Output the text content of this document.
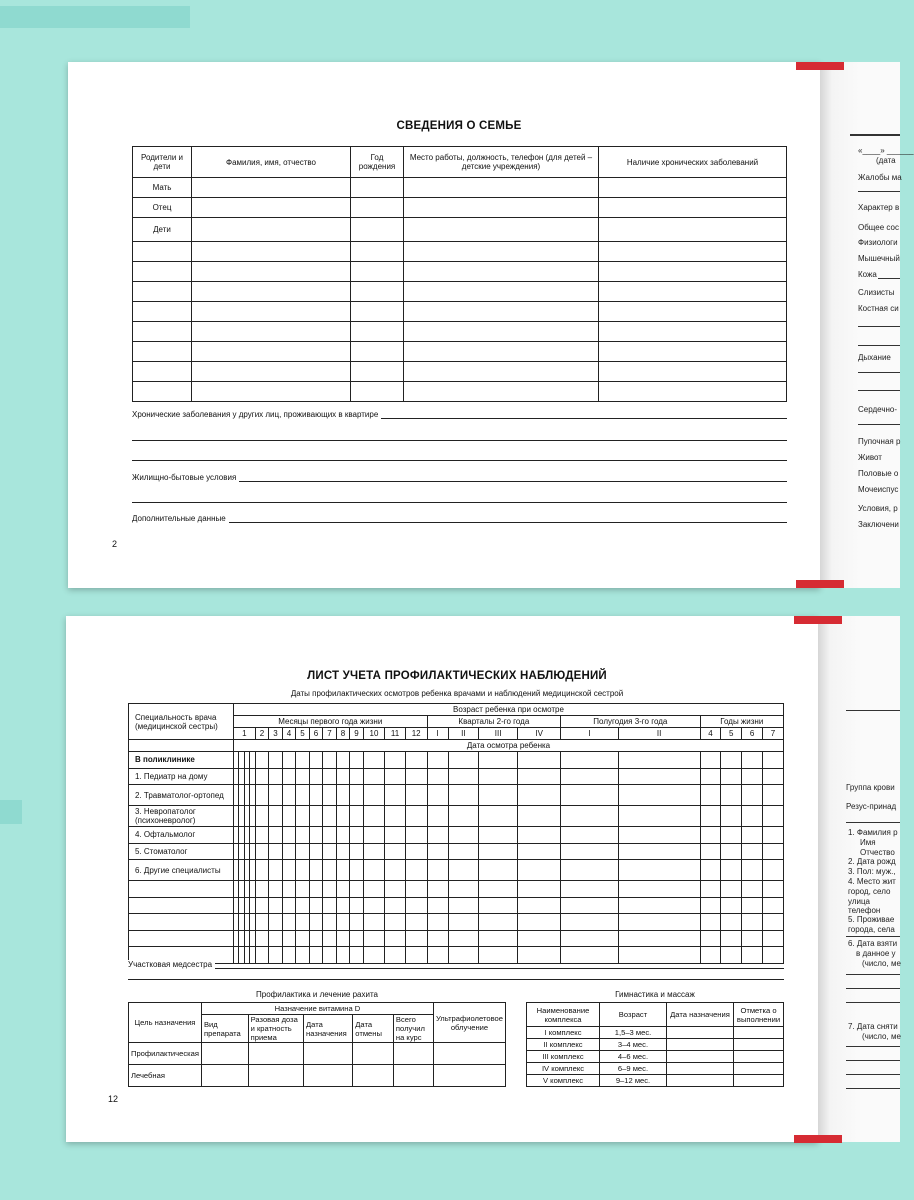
СВЕДЕНИЯ О СЕМЬЕ
Родители и дети	Фамилия, имя, отчество	Год рождения	Место работы, должность, телефон (для детей – детские учреждения)	Наличие хронических заболеваний
Мать				
Отец				
Дети				

Хронические заболевания у других лиц, проживающих в квартире
Жилищно-бытовые условия
Дополнительные данные
2
«____» ______
(дата
Жалобы ма
Характер в
Общее сос
Физиологи
Мышечный
Кожа
Слизисты
Костная си
Дыхание
Сердечно-
Пупочная р
Живот
Половые о
Мочеиспус
Условия, р
Заключени
ЛИСТ УЧЕТА ПРОФИЛАКТИЧЕСКИХ НАБЛЮДЕНИЙ
Даты профилактических осмотров ребенка врачами и наблюдений медицинской сестрой
Специальность врача (медицинской сестры)	Возраст ребенка при осмотре																								
	Месяцы первого года жизни															Кварталы 2-го года				Полугодия 3-го года		Годы жизни			
	1				2	3	4	5	6	7	8	9	10	11	12	I	II	III	IV	I	II	4	5	6	7
	Дата осмотра ребенка																								
В поликлинике																									
1. Педиатр на дому																									
2. Травматолог-ортопед																									
3. Невропатолог (психоневролог)																									
4. Офтальмолог																									
5. Стоматолог																									
6. Другие специалисты																									

Участковая медсестра
Профилактика и лечение рахита
Цель назначения	Назначение витамина D					Ультрафиолетовое облучение
	Вид препарата	Разовая доза и кратность приема	Дата назначения	Дата отмены	Всего получил на курс	
Профилактическая						
Лечебная						
Гимнастика и массаж
Наименование комплекса	Возраст	Дата назначения	Отметка о выполнении
I комплекс	1,5–3 мес.		
II комплекс	3–4 мес.		
III комплекс	4–6 мес.		
IV комплекс	6–9 мес.		
V комплекс	9–12 мес.		
12
Группа крови
Резус-принад
1. Фамилия р
Имя
Отчество
2. Дата рожд
3. Пол: муж.,
4. Место жит
город, село
улица
телефон
5. Проживае
города, села
6. Дата взяти
в данное у
(число, ме
7. Дата сняти
(число, ме
